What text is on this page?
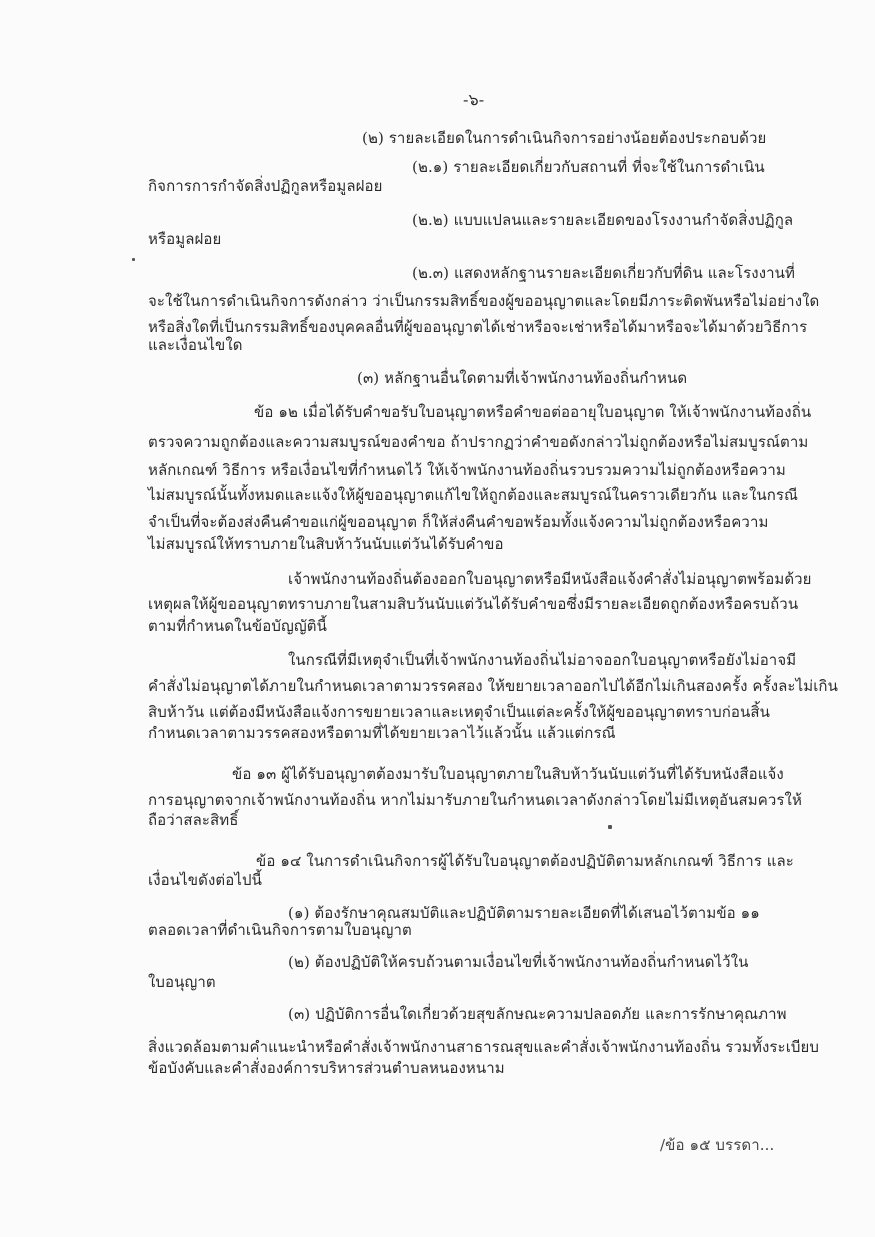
-๖-
(๒) รายละเอียดในการดำเนินกิจการอย่างน้อยต้องประกอบด้วย
(๒.๑) รายละเอียดเกี่ยวกับสถานที่ ที่จะใช้ในการดำเนิน
กิจการการกำจัดสิ่งปฏิกูลหรือมูลฝอย
(๒.๒) แบบแปลนและรายละเอียดของโรงงานกำจัดสิ่งปฏิกูล
หรือมูลฝอย
(๒.๓) แสดงหลักฐานรายละเอียดเกี่ยวกับที่ดิน และโรงงานที่
จะใช้ในการดำเนินกิจการดังกล่าว ว่าเป็นกรรมสิทธิ์ของผู้ขออนุญาตและโดยมีภาระติดพันหรือไม่อย่างใด
หรือสิ่งใดที่เป็นกรรมสิทธิ์ของบุคคลอื่นที่ผู้ขออนุญาตได้เช่าหรือจะเช่าหรือได้มาหรือจะได้มาด้วยวิธีการ
และเงื่อนไขใด
(๓) หลักฐานอื่นใดตามที่เจ้าพนักงานท้องถิ่นกำหนด
ข้อ ๑๒ เมื่อได้รับคำขอรับใบอนุญาตหรือคำขอต่ออายุใบอนุญาต ให้เจ้าพนักงานท้องถิ่น
ตรวจความถูกต้องและความสมบูรณ์ของคำขอ ถ้าปรากฏว่าคำขอดังกล่าวไม่ถูกต้องหรือไม่สมบูรณ์ตาม
หลักเกณฑ์ วิธีการ หรือเงื่อนไขที่กำหนดไว้ ให้เจ้าพนักงานท้องถิ่นรวบรวมความไม่ถูกต้องหรือความ
ไม่สมบูรณ์นั้นทั้งหมดและแจ้งให้ผู้ขออนุญาตแก้ไขให้ถูกต้องและสมบูรณ์ในคราวเดียวกัน และในกรณี
จำเป็นที่จะต้องส่งคืนคำขอแก่ผู้ขออนุญาต ก็ให้ส่งคืนคำขอพร้อมทั้งแจ้งความไม่ถูกต้องหรือความ
ไม่สมบูรณ์ให้ทราบภายในสิบห้าวันนับแต่วันได้รับคำขอ
เจ้าพนักงานท้องถิ่นต้องออกใบอนุญาตหรือมีหนังสือแจ้งคำสั่งไม่อนุญาตพร้อมด้วย
เหตุผลให้ผู้ขออนุญาตทราบภายในสามสิบวันนับแต่วันได้รับคำขอซึ่งมีรายละเอียดถูกต้องหรือครบถ้วน
ตามที่กำหนดในข้อบัญญัตินี้
ในกรณีที่มีเหตุจำเป็นที่เจ้าพนักงานท้องถิ่นไม่อาจออกใบอนุญาตหรือยังไม่อาจมี
คำสั่งไม่อนุญาตได้ภายในกำหนดเวลาตามวรรคสอง ให้ขยายเวลาออกไปได้อีกไม่เกินสองครั้ง ครั้งละไม่เกิน
สิบห้าวัน แต่ต้องมีหนังสือแจ้งการขยายเวลาและเหตุจำเป็นแต่ละครั้งให้ผู้ขออนุญาตทราบก่อนสิ้น
กำหนดเวลาตามวรรคสองหรือตามที่ได้ขยายเวลาไว้แล้วนั้น แล้วแต่กรณี
ข้อ ๑๓ ผู้ได้รับอนุญาตต้องมารับใบอนุญาตภายในสิบห้าวันนับแต่วันที่ได้รับหนังสือแจ้ง
การอนุญาตจากเจ้าพนักงานท้องถิ่น หากไม่มารับภายในกำหนดเวลาดังกล่าวโดยไม่มีเหตุอันสมควรให้
ถือว่าสละสิทธิ์
ข้อ ๑๔ ในการดำเนินกิจการผู้ได้รับใบอนุญาตต้องปฏิบัติตามหลักเกณฑ์ วิธีการ และ
เงื่อนไขดังต่อไปนี้
(๑) ต้องรักษาคุณสมบัติและปฏิบัติตามรายละเอียดที่ได้เสนอไว้ตามข้อ ๑๑
ตลอดเวลาที่ดำเนินกิจการตามใบอนุญาต
(๒) ต้องปฏิบัติให้ครบถ้วนตามเงื่อนไขที่เจ้าพนักงานท้องถิ่นกำหนดไว้ใน
ใบอนุญาต
(๓) ปฏิบัติการอื่นใดเกี่ยวด้วยสุขลักษณะความปลอดภัย และการรักษาคุณภาพ
สิ่งแวดล้อมตามคำแนะนำหรือคำสั่งเจ้าพนักงานสาธารณสุขและคำสั่งเจ้าพนักงานท้องถิ่น รวมทั้งระเบียบ
ข้อบังคับและคำสั่งองค์การบริหารส่วนตำบลหนองหนาม
/ข้อ ๑๕ บรรดา...
